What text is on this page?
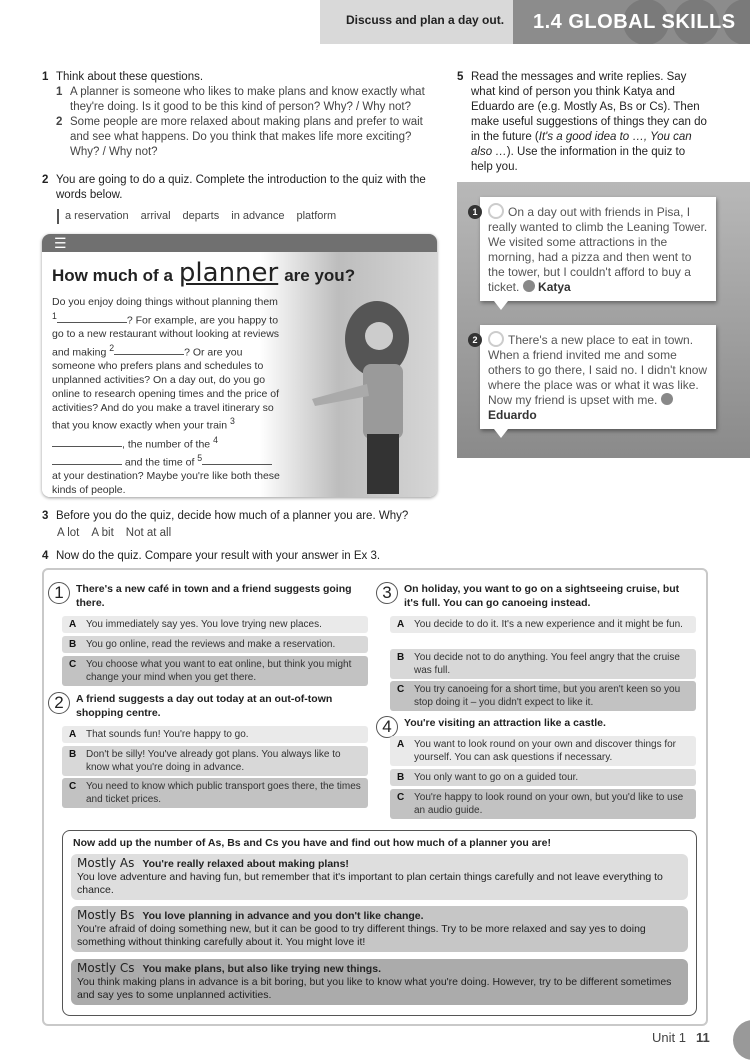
Discuss and plan a day out. 1.4 GLOBAL SKILLS
1 Think about these questions.
1 A planner is someone who likes to make plans and know exactly what they're doing. Is it good to be this kind of person? Why? / Why not?
2 Some people are more relaxed about making plans and prefer to wait and see what happens. Do you think that makes life more exciting? Why? / Why not?
2 You are going to do a quiz. Complete the introduction to the quiz with the words below.
a reservation arrival departs in advance platform
☰
How much of a planner are you?
Do you enjoy doing things without planning them $^1$	? For example, are you happy to go to a new restaurant without looking at reviews and making $^2$	? Or are you someone who prefers plans and schedules to unplanned activities? On a day out, do you go online to research opening times and the price of activities? And do you make a travel itinerary so that you know exactly when your train $^3$, the number of the $^4$ and the time of $^5$ at your destination? Maybe you're like both these kinds of people.
3 Before you do the quiz, decide how much of a planner you are. Why?
A lot A bit Not at all
4 Now do the quiz. Compare your result with your answer in Ex 3.
1	There's a new café in town and a friend suggests going there.
A You immediately say yes. You love trying new places.
B You go online, read the reviews and make a reservation.
C You choose what you want to eat online, but think you might change your mind when you get there.
2	A friend suggests a day out today at an out-of-town shopping centre.
A That sounds fun! You're happy to go.
B Don't be silly! You've already got plans. You always like to know what you're doing in advance.
C You need to know which public transport goes there, the times and ticket prices.
3	On holiday, you want to go on a sightseeing cruise, but it's full. You can go canoeing instead.
A You decide to do it. It's a new experience and it might be fun.
B You decide not to do anything. You feel angry that the cruise was full.
C You try canoeing for a short time, but you aren't keen so you stop doing it – you didn't expect to like it.
4	You're visiting an attraction like a castle.
A You want to look round on your own and discover things for yourself. You can ask questions if necessary.
B You only want to go on a guided tour.
C You're happy to look round on your own, but you'd like to use an audio guide.
Now add up the number of As, Bs and Cs you have and find out how much of a planner you are!
Mostly As You're really relaxed about making plans!
You love adventure and having fun, but remember that it's important to plan certain things carefully and not leave everything to chance.
Mostly Bs You love planning in advance and you don't like change.
You're afraid of doing something new, but it can be good to try different things. Try to be more relaxed and say yes to doing something without thinking carefully about it. You might love it!
Mostly Cs You make plans, but also like trying new things.
You think making plans in advance is a bit boring, but you like to know what you're doing. However, try to be different sometimes and say yes to some unplanned activities.
5 Read the messages and write replies. Say what kind of person you think Katya and Eduardo are (e.g. Mostly As, Bs or Cs). Then make useful suggestions of things they can do in the future (It's a good idea to …, You can also …). Use the information in the quiz to help you.
1	On a day out with friends in Pisa, I really wanted to climb the Leaning Tower. We visited some attractions in the morning, had a pizza and then went to the tower, but I couldn't afford to buy a ticket. Katya
2	There's a new place to eat in town. When a friend invited me and some others to go there, I said no. I didn't know where the place was or what it was like. Now my friend is upset with me.
Eduardo
Unit 1 11
